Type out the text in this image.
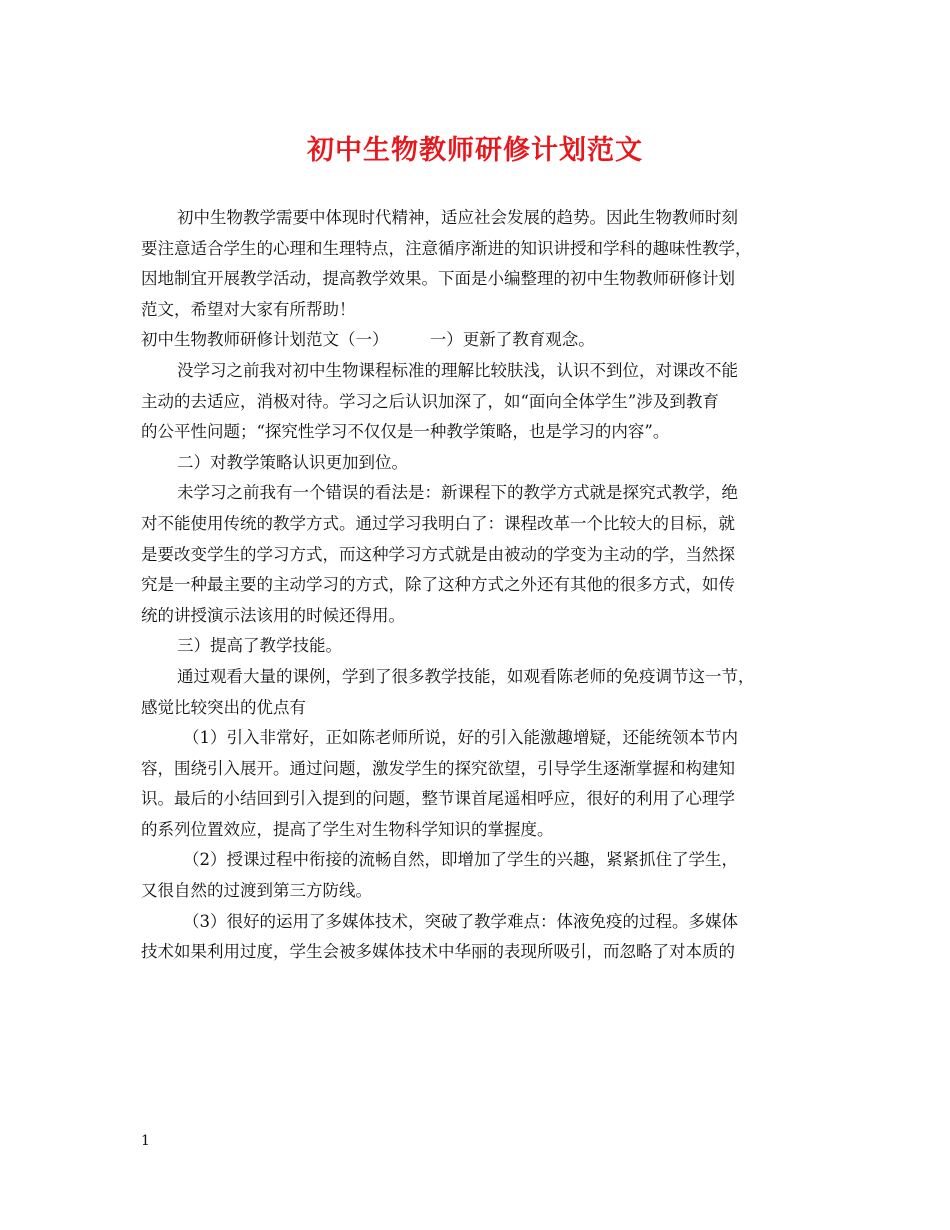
初中生物教师研修计划范文
初中生物教学需要中体现时代精神，适应社会发展的趋势。因此生物教师时刻
要注意适合学生的心理和生理特点，注意循序渐进的知识讲授和学科的趣味性教学，
因地制宜开展教学活动，提高教学效果。下面是小编整理的初中生物教师研修计划
范文，希望对大家有所帮助！
初中生物教师研修计划范文（一）　　　一）更新了教育观念。
没学习之前我对初中生物课程标准的理解比较肤浅，认识不到位，对课改不能
主动的去适应，消极对待。学习之后认识加深了，如“面向全体学生”涉及到教育
的公平性问题；“探究性学习不仅仅是一种教学策略，也是学习的内容”。
二）对教学策略认识更加到位。
未学习之前我有一个错误的看法是：新课程下的教学方式就是探究式教学，绝
对不能使用传统的教学方式。通过学习我明白了：课程改革一个比较大的目标，就
是要改变学生的学习方式，而这种学习方式就是由被动的学变为主动的学，当然探
究是一种最主要的主动学习的方式，除了这种方式之外还有其他的很多方式，如传
统的讲授演示法该用的时候还得用。
三）提高了教学技能。
通过观看大量的课例，学到了很多教学技能，如观看陈老师的免疫调节这一节，
感觉比较突出的优点有
（1）引入非常好，正如陈老师所说，好的引入能激趣增疑，还能统领本节内
容，围绕引入展开。通过问题，激发学生的探究欲望，引导学生逐渐掌握和构建知
识。最后的小结回到引入提到的问题，整节课首尾遥相呼应，很好的利用了心理学
的系列位置效应，提高了学生对生物科学知识的掌握度。
（2）授课过程中衔接的流畅自然，即增加了学生的兴趣，紧紧抓住了学生，
又很自然的过渡到第三方防线。
（3）很好的运用了多媒体技术，突破了教学难点：体液免疫的过程。多媒体
技术如果利用过度，学生会被多媒体技术中华丽的表现所吸引，而忽略了对本质的
1
